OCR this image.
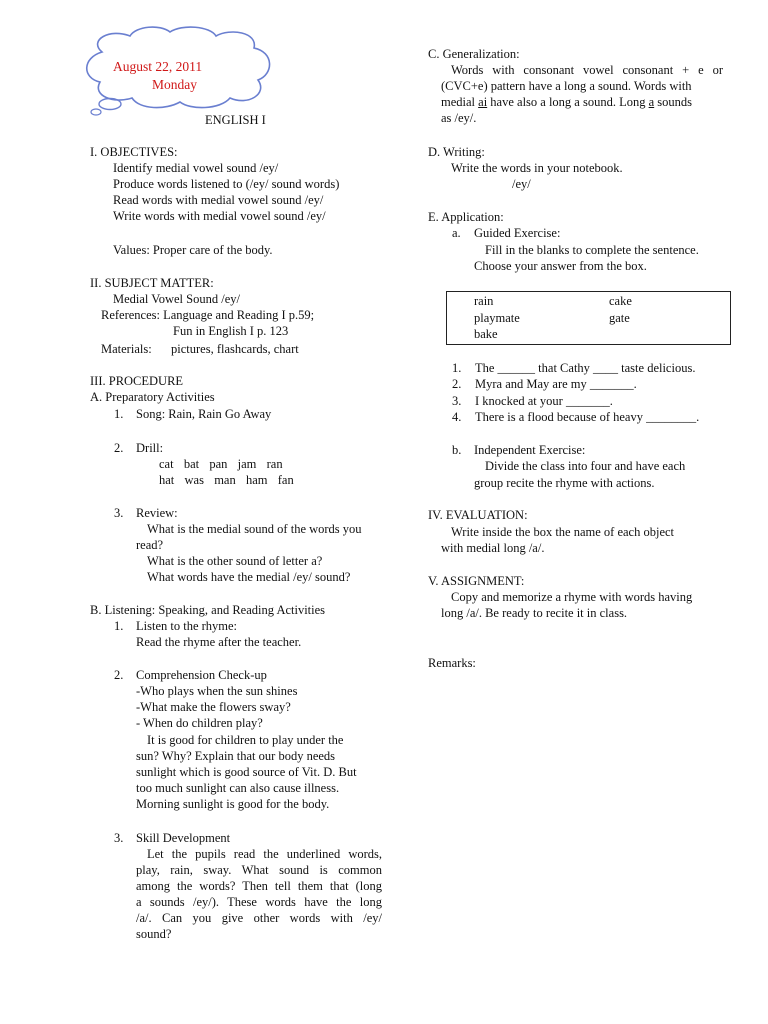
August 22, 2011
Monday
ENGLISH I
I. OBJECTIVES:
Identify medial vowel sound /ey/
Produce words listened to (/ey/ sound words)
Read words with medial vowel sound /ey/
Write words with medial vowel sound /ey/
Values: Proper care of the body.
II. SUBJECT MATTER:
Medial Vowel Sound /ey/
References: Language and Reading I p.59;
Fun in English I p. 123
Materials: pictures, flashcards, chart
III. PROCEDURE
A. Preparatory Activities
1. Song: Rain, Rain Go Away
2. Drill:
cat  bat  pan  jam  ran
hat  was  man  ham  fan
3. Review:
What is the medial sound of the words you
read?
What is the other sound of letter a?
What words have the medial /ey/ sound?
B. Listening: Speaking, and Reading Activities
1. Listen to the rhyme:
Read the rhyme after the teacher.
2. Comprehension Check-up
-Who plays when the sun shines
-What make the flowers sway?
- When do children play?
It is good for children to play under the
sun? Why? Explain that our body needs
sunlight which is good source of Vit. D. But
too much sunlight can also cause illness.
Morning sunlight is good for the body.
3. Skill Development
Let the pupils read the underlined words,
play, rain, sway. What sound is common
among the words? Then tell them that (long
a sounds /ey/). These words have the long
/a/. Can you give other words with /ey/
sound?
C. Generalization:
Words with consonant vowel consonant + e or
(CVC+e) pattern have a long a sound. Words with
medial ai have also a long a sound. Long a sounds
as /ey/.
D. Writing:
Write the words in your notebook.
/ey/
E. Application:
a. Guided Exercise:
Fill in the blanks to complete the sentence.
Choose your answer from the box.
rain	cake
playmate	gate
bake
1. The ______ that Cathy ____ taste delicious.
2. Myra and May are my _______.
3. I knocked at your _______.
4. There is a flood because of heavy ________.
b. Independent Exercise:
Divide the class into four and have each
group recite the rhyme with actions.
IV. EVALUATION:
Write inside the box the name of each object
with medial long /a/.
V. ASSIGNMENT:
Copy and memorize a rhyme with words having
long /a/. Be ready to recite it in class.
Remarks:
